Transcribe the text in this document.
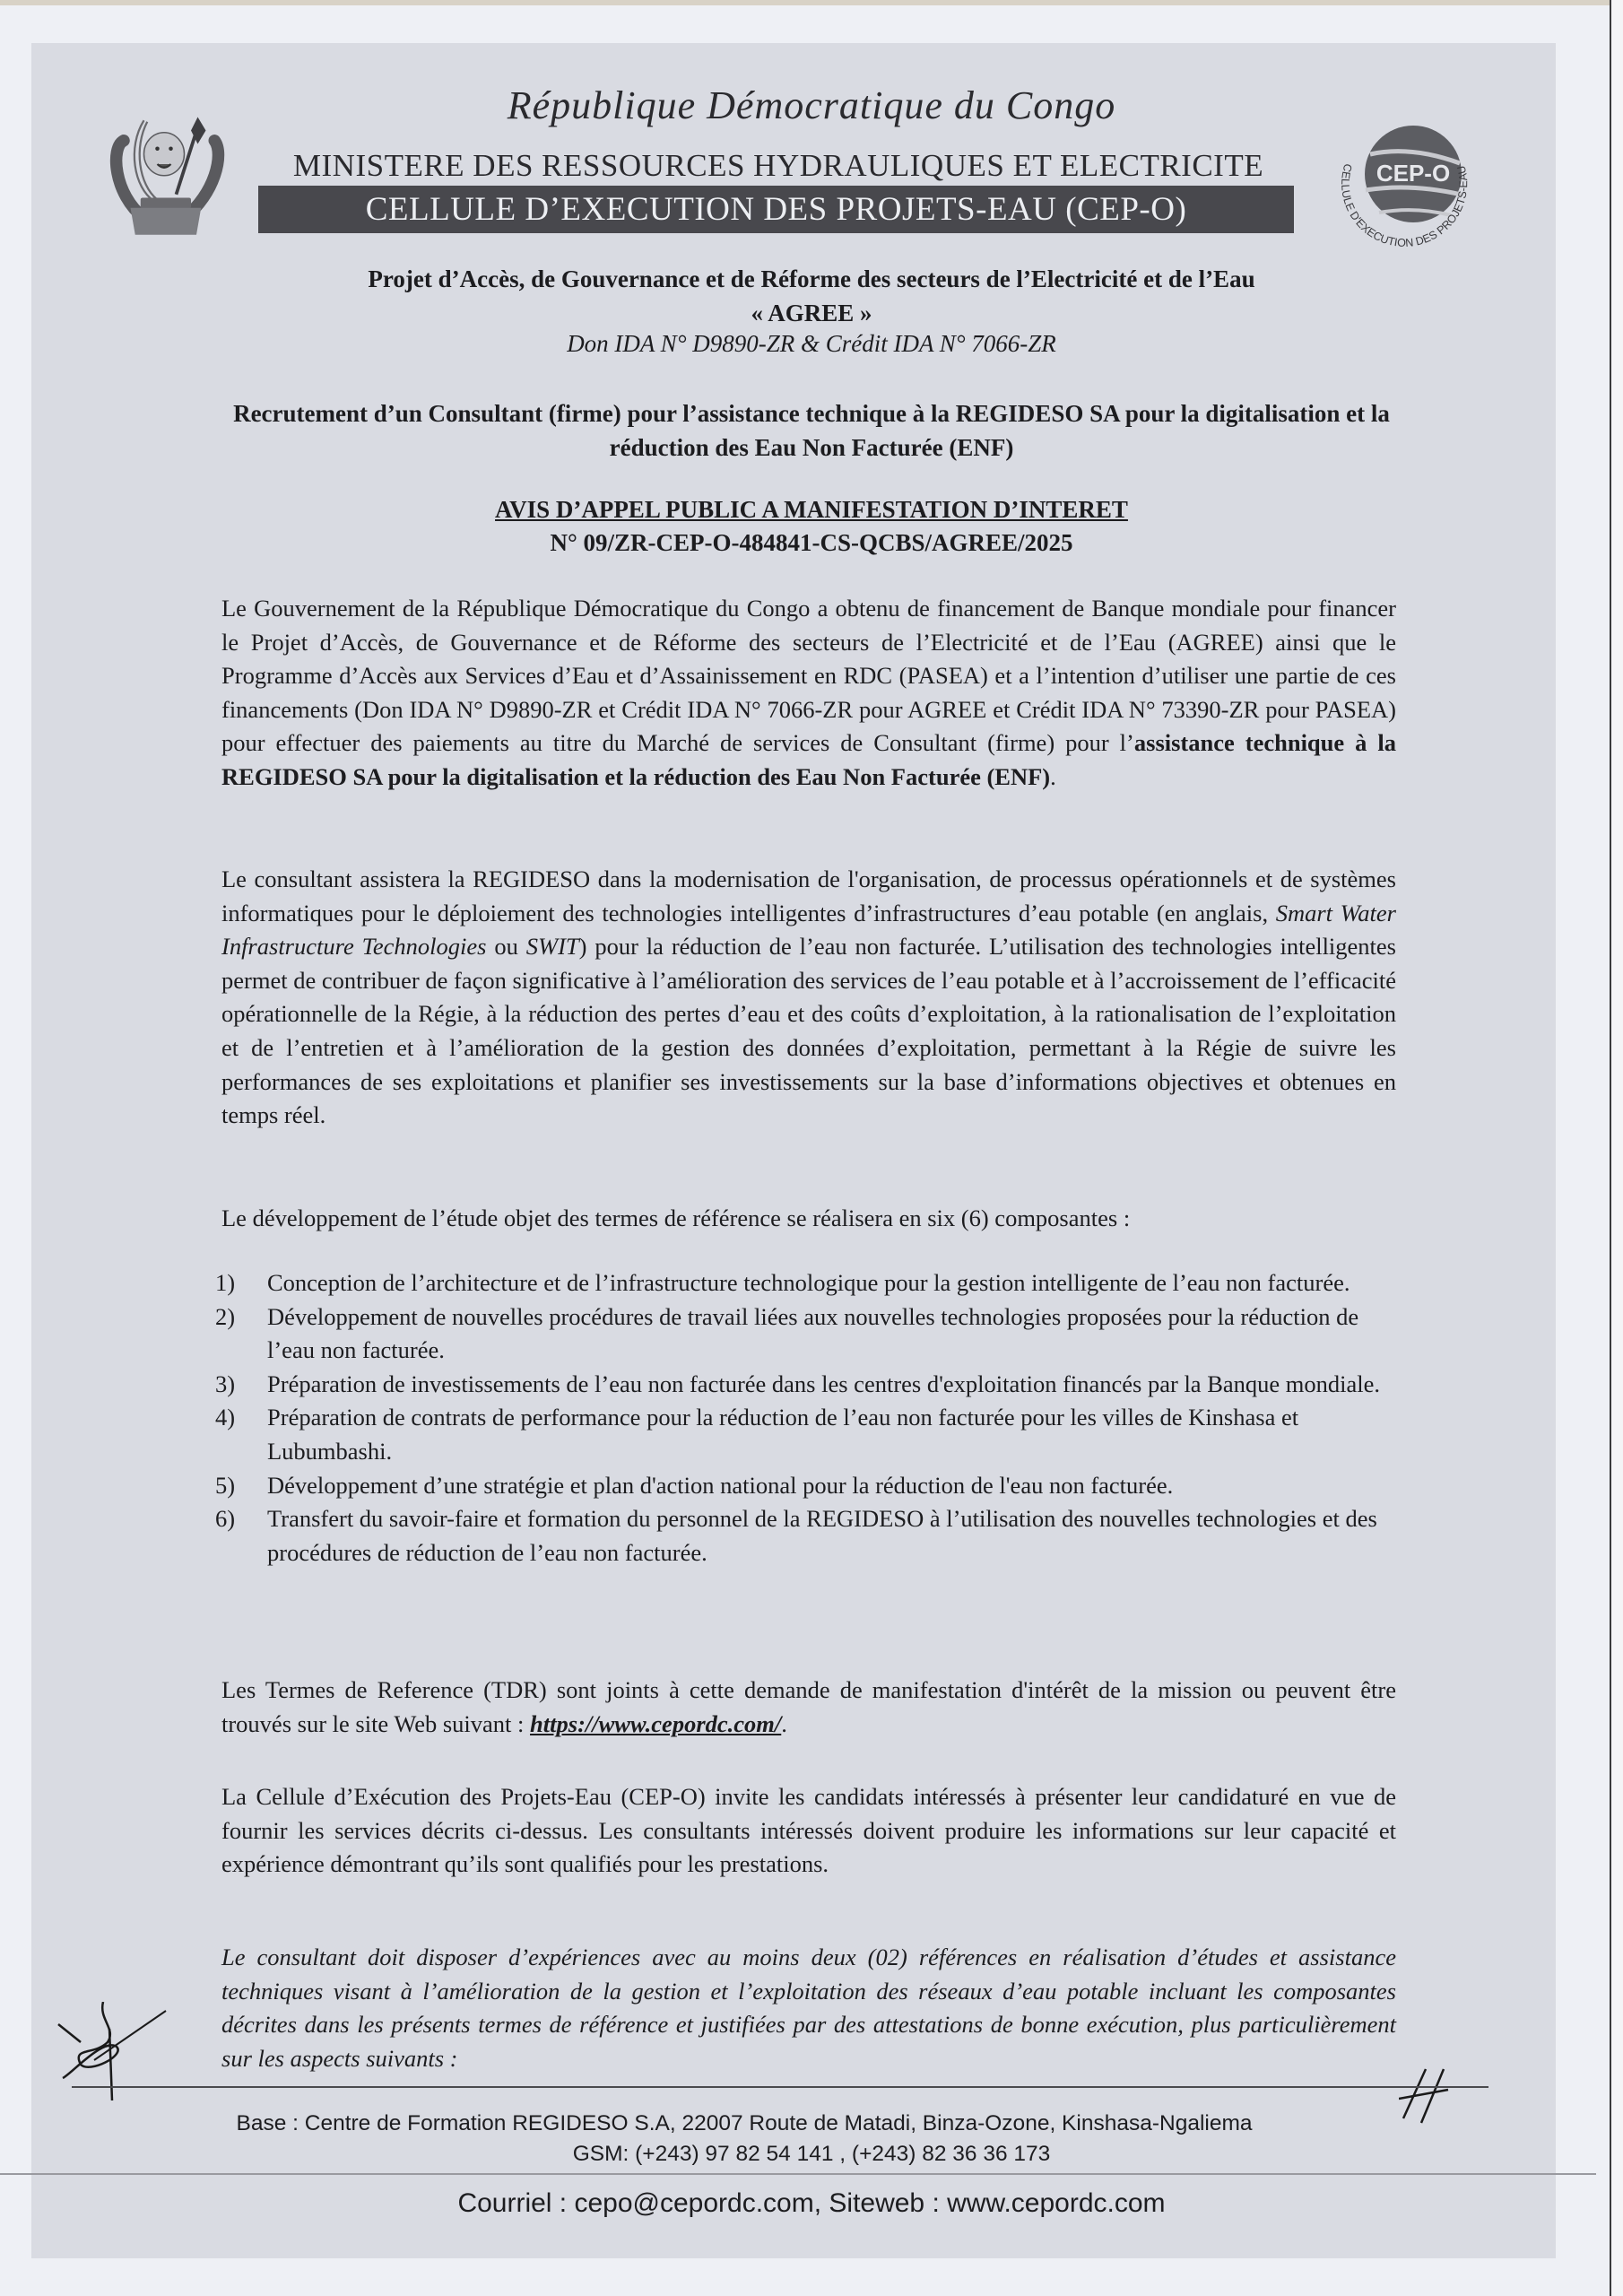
CEP-O
CELLULE D'EXECUTION DES PROJETS-EAU
République Démocratique du Congo
MINISTERE DES RESSOURCES HYDRAULIQUES ET ELECTRICITE
CELLULE D’EXECUTION DES PROJETS-EAU (CEP-O)
Projet d’Accès, de Gouvernance et de Réforme des secteurs de l’Electricité et de l’Eau
« AGREE »
Don IDA N° D9890-ZR & Crédit IDA N° 7066-ZR
Recrutement d’un Consultant (firme) pour l’assistance technique à la REGIDESO SA pour la digitalisation et la réduction des Eau Non Facturée (ENF)
AVIS D’APPEL PUBLIC A MANIFESTATION D’INTERET
N° 09/ZR-CEP-O-484841-CS-QCBS/AGREE/2025

Le Gouvernement de la République Démocratique du Congo a obtenu de financement de Banque mondiale pour financer le Projet d’Accès, de Gouvernance et de Réforme des secteurs de l’Electricité et de l’Eau (AGREE) ainsi que le Programme d’Accès aux Services d’Eau et d’Assainissement en RDC (PASEA) et a l’intention d’utiliser une partie de ces financements (Don IDA N° D9890-ZR et Crédit IDA N° 7066-ZR pour AGREE et Crédit IDA N° 73390-ZR pour PASEA) pour effectuer des paiements au titre du Marché de services de Consultant (firme) pour l’assistance technique à la REGIDESO SA pour la digitalisation et la réduction des Eau Non Facturée (ENF).

Le consultant assistera la REGIDESO dans la modernisation de l'organisation, de processus opérationnels et de systèmes informatiques pour le déploiement des technologies intelligentes d’infrastructures d’eau potable (en anglais, Smart Water Infrastructure Technologies ou SWIT) pour la réduction de l’eau non facturée. L’utilisation des technologies intelligentes permet de contribuer de façon significative à l’amélioration des services de l’eau potable et à l’accroissement de l’efficacité opérationnelle de la Régie, à la réduction des pertes d’eau et des coûts d’exploitation, à la rationalisation de l’exploitation et de l’entretien et à l’amélioration de la gestion des données d’exploitation, permettant à la Régie de suivre les performances de ses exploitations et planifier ses investissements sur la base d’informations objectives et obtenues en temps réel.

Le développement de l’étude objet des termes de référence se réalisera en six (6) composantes :

1)	Conception de l’architecture et de l’infrastructure technologique pour la gestion intelligente de l’eau non facturée.
2)	Développement de nouvelles procédures de travail liées aux nouvelles technologies proposées pour la réduction de l’eau non facturée.
3)	Préparation de investissements de l’eau non facturée dans les centres d'exploitation financés par la Banque mondiale.
4)	Préparation de contrats de performance pour la réduction de l’eau non facturée pour les villes de Kinshasa et Lubumbashi.
5)	Développement d’une stratégie et plan d'action national pour la réduction de l'eau non facturée.
6)	Transfert du savoir-faire et formation du personnel de la REGIDESO à l’utilisation des nouvelles technologies et des procédures de réduction de l’eau non facturée.

Les Termes de Reference (TDR) sont joints à cette demande de manifestation d'intérêt de la mission ou peuvent être trouvés sur le site Web suivant : https://www.cepordc.com/.

La Cellule d’Exécution des Projets-Eau (CEP-O) invite les candidats intéressés à présenter leur candidaturé en vue de fournir les services décrits ci-dessus. Les consultants intéressés doivent produire les informations sur leur capacité et expérience démontrant qu’ils sont qualifiés pour les prestations.

Le consultant doit disposer d’expériences avec au moins deux (02) références en réalisation d’études et assistance techniques visant à l’amélioration de la gestion et l’exploitation des réseaux d’eau potable incluant les composantes décrites dans les présents termes de référence et justifiées par des attestations de bonne exécution, plus particulièrement sur les aspects suivants :

Base : Centre de Formation REGIDESO S.A, 22007 Route de Matadi, Binza-Ozone, Kinshasa-Ngaliema
GSM: (+243) 97 82 54 141 , (+243) 82 36 36 173
Courriel : cepo@cepordc.com, Siteweb : www.cepordc.com
